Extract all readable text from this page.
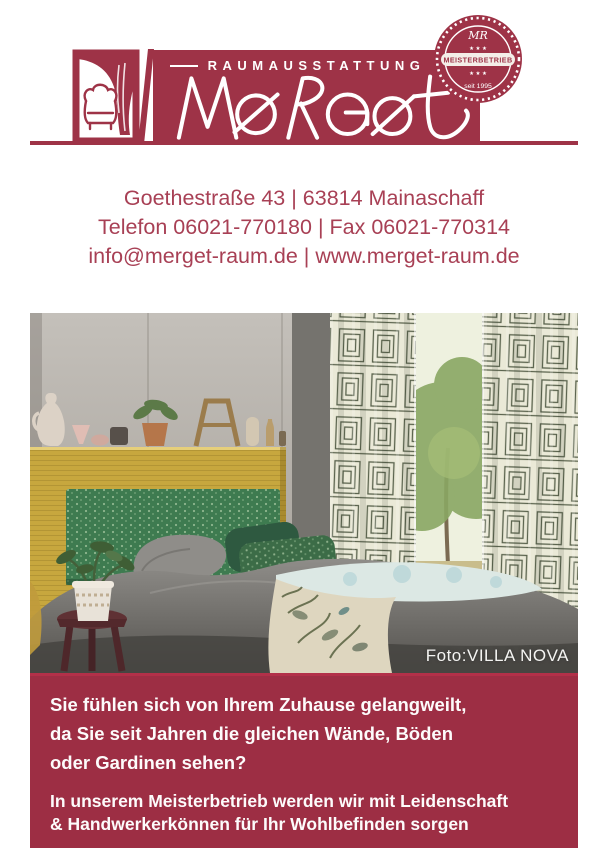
RAUMAUSSTATTUNG
MR
★ ★ ★
MEISTERBETRIEB
★ ★ ★
seit 1995
Goethestraße 43 | 63814 Mainaschaff
Telefon 06021-770180 | Fax 06021-770314
info@merget-raum.de | www.merget-raum.de
Foto:VILLA NOVA
Sie fühlen sich von Ihrem Zuhause gelangweilt,
da Sie seit Jahren die gleichen Wände, Böden
oder Gardinen sehen?
In unserem Meisterbetrieb werden wir mit Leidenschaft
& Handwerkerkönnen für Ihr Wohlbefinden sorgen
